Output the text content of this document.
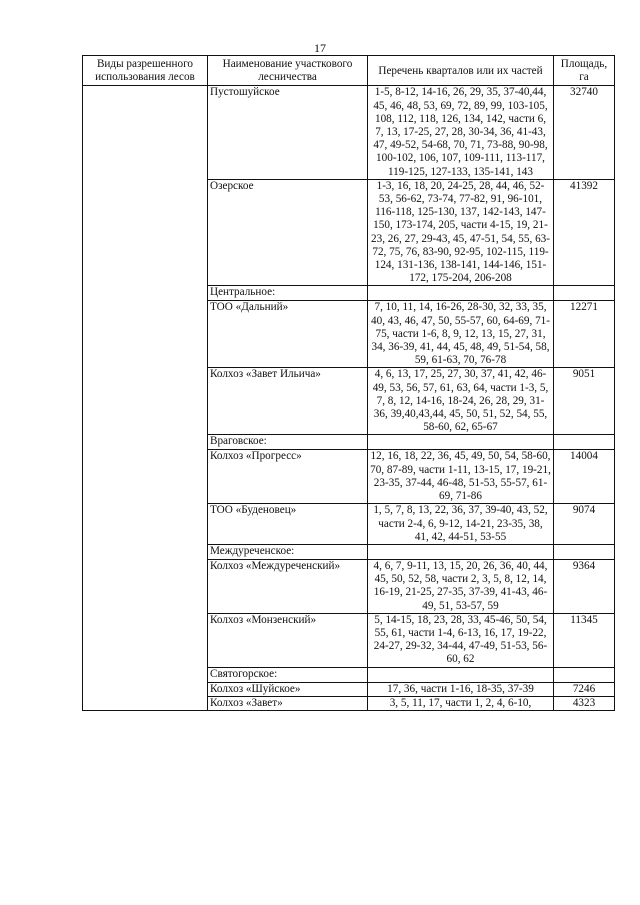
17
Виды разрешенного использования лесов	Наименование участкового лесничества	Перечень кварталов или их частей	Площадь, га
	Пустошуйское	1-5, 8-12, 14-16, 26, 29, 35, 37-40,44, 45, 46, 48, 53, 69, 72, 89, 99, 103-105, 108, 112, 118, 126, 134, 142, части 6, 7, 13, 17-25, 27, 28, 30-34, 36, 41-43, 47, 49-52, 54-68, 70, 71, 73-88, 90-98, 100-102, 106, 107, 109-111, 113-117, 119-125, 127-133, 135-141, 143	32740
	Озерское	1-3, 16, 18, 20, 24-25, 28, 44, 46, 52-53, 56-62, 73-74, 77-82, 91, 96-101, 116-118, 125-130, 137, 142-143, 147-150, 173-174, 205, части 4-15, 19, 21-23, 26, 27, 29-43, 45, 47-51, 54, 55, 63-72, 75, 76, 83-90, 92-95, 102-115, 119-124, 131-136, 138-141, 144-146, 151-172, 175-204, 206-208	41392
	Центральное:		
	ТОО «Дальний»	7, 10, 11, 14, 16-26, 28-30, 32, 33, 35, 40, 43, 46, 47, 50, 55-57, 60, 64-69, 71-75, части 1-6, 8, 9, 12, 13, 15, 27, 31, 34, 36-39, 41, 44, 45, 48, 49, 51-54, 58, 59, 61-63, 70, 76-78	12271
	Колхоз «Завет Ильича»	4, 6, 13, 17, 25, 27, 30, 37, 41, 42, 46-49, 53, 56, 57, 61, 63, 64, части 1-3, 5, 7, 8, 12, 14-16, 18-24, 26, 28, 29, 31-36, 39,40,43,44, 45, 50, 51, 52, 54, 55, 58-60, 62, 65-67	9051
	Враговское:		
	Колхоз «Прогресс»	12, 16, 18, 22, 36, 45, 49, 50, 54, 58-60, 70, 87-89, части 1-11, 13-15, 17, 19-21, 23-35, 37-44, 46-48, 51-53, 55-57, 61-69, 71-86	14004
	ТОО «Буденовец»	1, 5, 7, 8, 13, 22, 36, 37, 39-40, 43, 52, части 2-4, 6, 9-12, 14-21, 23-35, 38, 41, 42, 44-51, 53-55	9074
	Междуреченское:		
	Колхоз «Междуреченский»	4, 6, 7, 9-11, 13, 15, 20, 26, 36, 40, 44, 45, 50, 52, 58, части 2, 3, 5, 8, 12, 14, 16-19, 21-25, 27-35, 37-39, 41-43, 46-49, 51, 53-57, 59	9364
	Колхоз «Монзенский»	5, 14-15, 18, 23, 28, 33, 45-46, 50, 54, 55, 61, части 1-4, 6-13, 16, 17, 19-22, 24-27, 29-32, 34-44, 47-49, 51-53, 56-60, 62	11345
	Святогорское:		
	Колхоз «Шуйское»	17, 36, части 1-16, 18-35, 37-39	7246
	Колхоз «Завет»	3, 5, 11, 17, части 1, 2, 4, 6-10,	4323
